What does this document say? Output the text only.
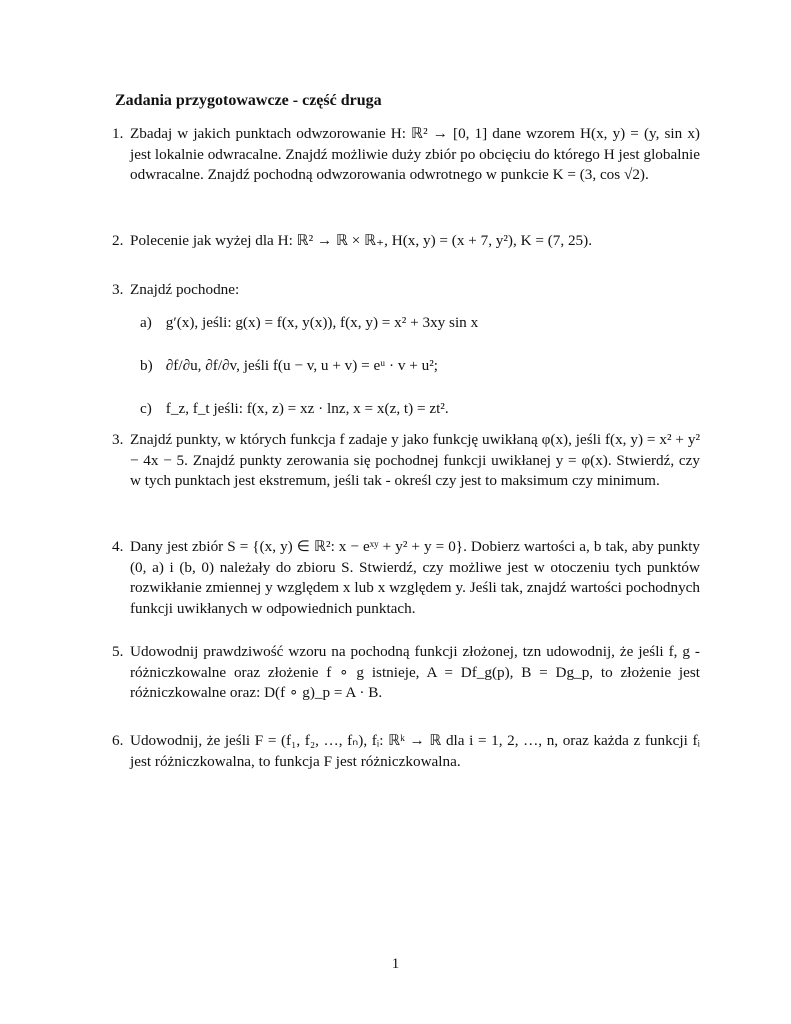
Zadania przygotowawcze - część druga
1. Zbadaj w jakich punktach odwzorowanie H: ℝ² → [0, 1] dane wzorem H(x, y) = (y, sin x) jest lokalnie odwracalne. Znajdź możliwie duży zbiór po obcięciu do którego H jest globalnie odwracalne. Znajdź pochodną odwzorowania odwrotnego w punkcie K = (3, cos √2).
2. Polecenie jak wyżej dla H: ℝ² → ℝ × ℝ₊, H(x, y) = (x + 7, y²), K = (7, 25).
3. Znajdź pochodne:
a) g′(x), jeśli: g(x) = f(x, y(x)), f(x, y) = x² + 3xy sin x
b) ∂f/∂u, ∂f/∂v, jeśli f(u − v, u + v) = eᵘ · v + u²;
c) f_z, f_t jeśli: f(x, z) = xz · lnz, x = x(z, t) = zt².
3. Znajdź punkty, w których funkcja f zadaje y jako funkcję uwikłaną φ(x), jeśli f(x, y) = x² + y² − 4x − 5. Znajdź punkty zerowania się pochodnej funkcji uwikłanej y = φ(x). Stwierdź, czy w tych punktach jest ekstremum, jeśli tak - określ czy jest to maksimum czy minimum.
4. Dany jest zbiór S = {(x, y) ∈ ℝ²: x − eˣʸ + y² + y = 0}. Dobierz wartości a, b tak, aby punkty (0, a) i (b, 0) należały do zbioru S. Stwierdź, czy możliwe jest w otoczeniu tych punktów rozwikłanie zmiennej y względem x lub x względem y. Jeśli tak, znajdź wartości pochodnych funkcji uwikłanych w odpowiednich punktach.
5. Udowodnij prawdziwość wzoru na pochodną funkcji złożonej, tzn udowodnij, że jeśli f, g - różniczkowalne oraz złożenie f ∘ g istnieje, A = Df_g(p), B = Dg_p, to złożenie jest różniczkowalne oraz: D(f ∘ g)_p = A · B.
6. Udowodnij, że jeśli F = (f₁, f₂, …, fₙ), fᵢ: ℝᵏ → ℝ dla i = 1, 2, …, n, oraz każda z funkcji fᵢ jest różniczkowalna, to funkcja F jest różniczkowalna.
1
